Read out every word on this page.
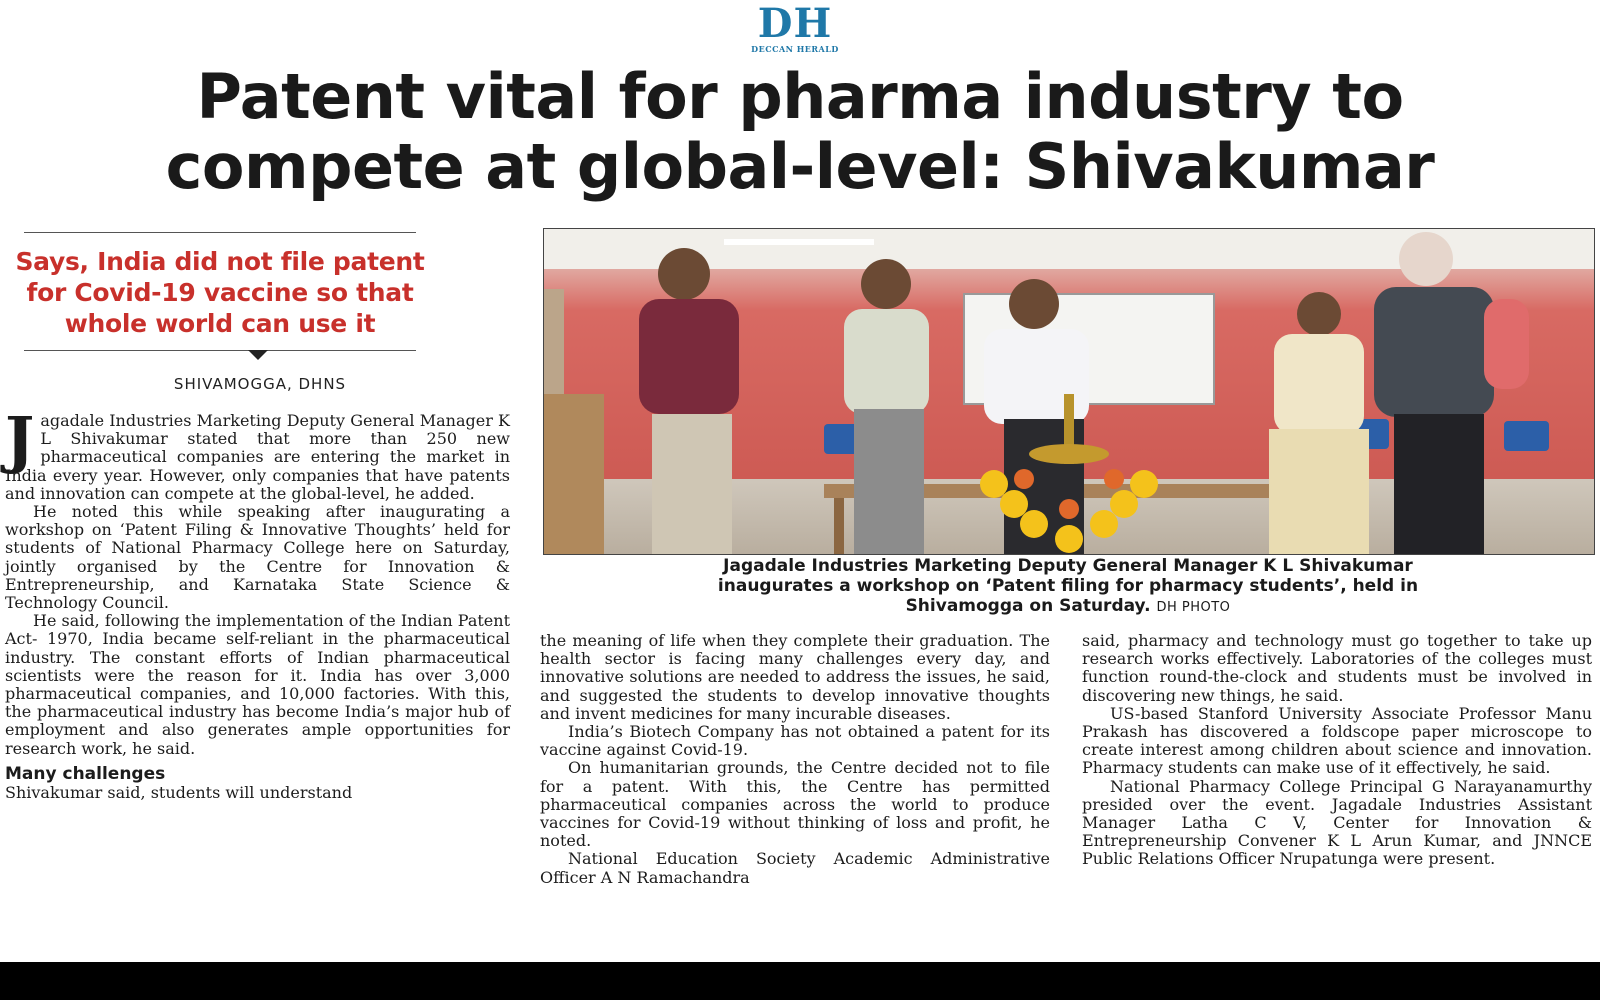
DH
DECCAN HERALD
Patent vital for pharma industry to
compete at global-level: Shivakumar
Says, India did not file patent
for Covid-19 vaccine so that
whole world can use it
SHIVAMOGGA, DHNS

Jagadale Industries Marketing Deputy General Manager K L Shivakumar stated that more than 250 new pharmaceutical companies are entering the market in India every year. However, only companies that have patents and innovation can compete at the global-level, he added.

He noted this while speaking after inaugurating a workshop on ‘Patent Filing & Innovative Thoughts’ held for students of National Pharmacy College here on Saturday, jointly organised by the Centre for Innovation & Entrepreneurship, and Karnataka State Science & Technology Council.

He said, following the implementation of the Indian Patent Act- 1970, India became self-reliant in the pharmaceutical industry. The constant efforts of Indian pharmaceutical scientists were the reason for it. India has over 3,000 pharmaceutical companies, and 10,000 factories. With this, the pharmaceutical industry has become India’s major hub of employment and also generates ample opportunities for research work, he said.

Many challenges

Shivakumar said, students will understand

Jagadale Industries Marketing Deputy General Manager K L Shivakumar
inaugurates a workshop on ‘Patent filing for pharmacy students’, held in
Shivamogga on Saturday. DH PHOTO

the meaning of life when they complete their graduation. The health sector is facing many challenges every day, and innovative solutions are needed to address the issues, he said, and suggested the students to develop innovative thoughts and invent medicines for many incurable diseases.

India’s Biotech Company has not obtained a patent for its vaccine against Covid-19.

On humanitarian grounds, the Centre decided not to file for a patent. With this, the Centre has permitted pharmaceutical companies across the world to produce vaccines for Covid-19 without thinking of loss and profit, he noted.

National Education Society Academic Administrative Officer A N Ramachandra

said, pharmacy and technology must go together to take up research works effectively. Laboratories of the colleges must function round-the-clock and students must be involved in discovering new things, he said.

US-based Stanford University Associate Professor Manu Prakash has discovered a foldscope paper microscope to create interest among children about science and innovation. Pharmacy students can make use of it effectively, he said.

National Pharmacy College Principal G Narayanamurthy presided over the event. Jagadale Industries Assistant Manager Latha C V, Center for Innovation & Entrepreneurship Convener K L Arun Kumar, and JNNCE Public Relations Officer Nrupatunga were present.
